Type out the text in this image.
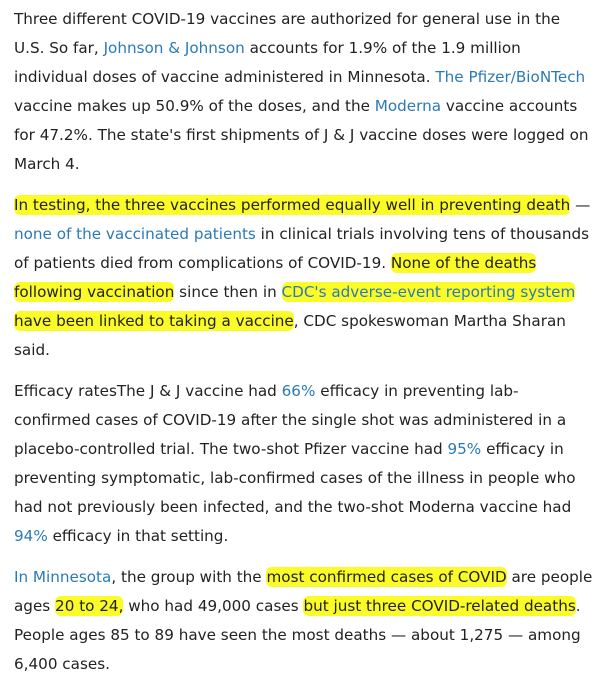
Three different COVID-19 vaccines are authorized for general use in the U.S. So far, Johnson & Johnson accounts for 1.9% of the 1.9 million individual doses of vaccine administered in Minnesota. The Pfizer/BioNTech vaccine makes up 50.9% of the doses, and the Moderna vaccine accounts for 47.2%. The state's first shipments of J & J vaccine doses were logged on March 4.

In testing, the three vaccines performed equally well in preventing death — none of the vaccinated patients in clinical trials involving tens of thousands of patients died from complications of COVID-19. None of the deaths following vaccination since then in CDC's adverse-event reporting system have been linked to taking a vaccine, CDC spokeswoman Martha Sharan said.

Efficacy ratesThe J & J vaccine had 66% efficacy in preventing lab-confirmed cases of COVID-19 after the single shot was administered in a placebo-controlled trial. The two-shot Pfizer vaccine had 95% efficacy in preventing symptomatic, lab-confirmed cases of the illness in people who had not previously been infected, and the two-shot Moderna vaccine had 94% efficacy in that setting.

In Minnesota, the group with the most confirmed cases of COVID are people ages 20 to 24, who had 49,000 cases but just three COVID-related deaths. People ages 85 to 89 have seen the most deaths — about 1,275 — among 6,400 cases.
